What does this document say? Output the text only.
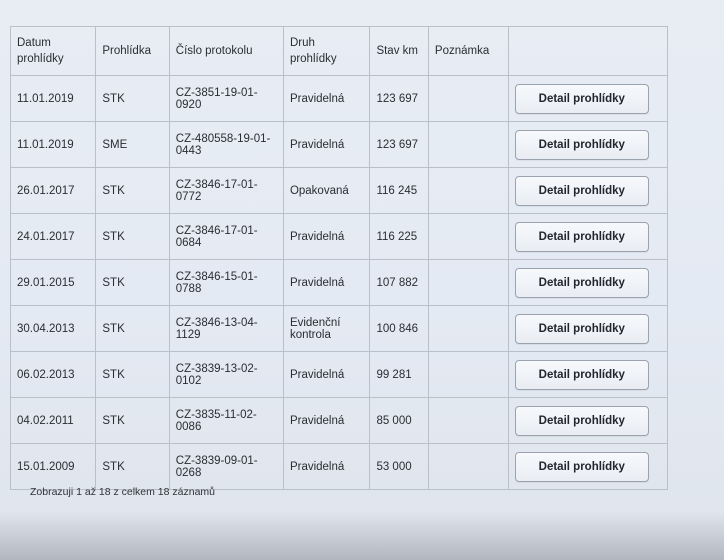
Datum
prohlídky	Prohlídka	Číslo protokolu	Druh
prohlídky	Stav km	Poznámka	
11.01.2019	STK	CZ-3851-19-01-0920	Pravidelná	123 697		Detail prohlídky
11.01.2019	SME	CZ-480558-19-01-0443	Pravidelná	123 697		Detail prohlídky
26.01.2017	STK	CZ-3846-17-01-0772	Opakovaná	116 245		Detail prohlídky
24.01.2017	STK	CZ-3846-17-01-0684	Pravidelná	116 225		Detail prohlídky
29.01.2015	STK	CZ-3846-15-01-0788	Pravidelná	107 882		Detail prohlídky
30.04.2013	STK	CZ-3846-13-04-1129	Evidenční
kontrola	100 846		Detail prohlídky
06.02.2013	STK	CZ-3839-13-02-0102	Pravidelná	99 281		Detail prohlídky
04.02.2011	STK	CZ-3835-11-02-0086	Pravidelná	85 000		Detail prohlídky
15.01.2009	STK	CZ-3839-09-01-0268	Pravidelná	53 000		Detail prohlídky
Zobrazuji 1 až 18 z celkem 18 záznamů
